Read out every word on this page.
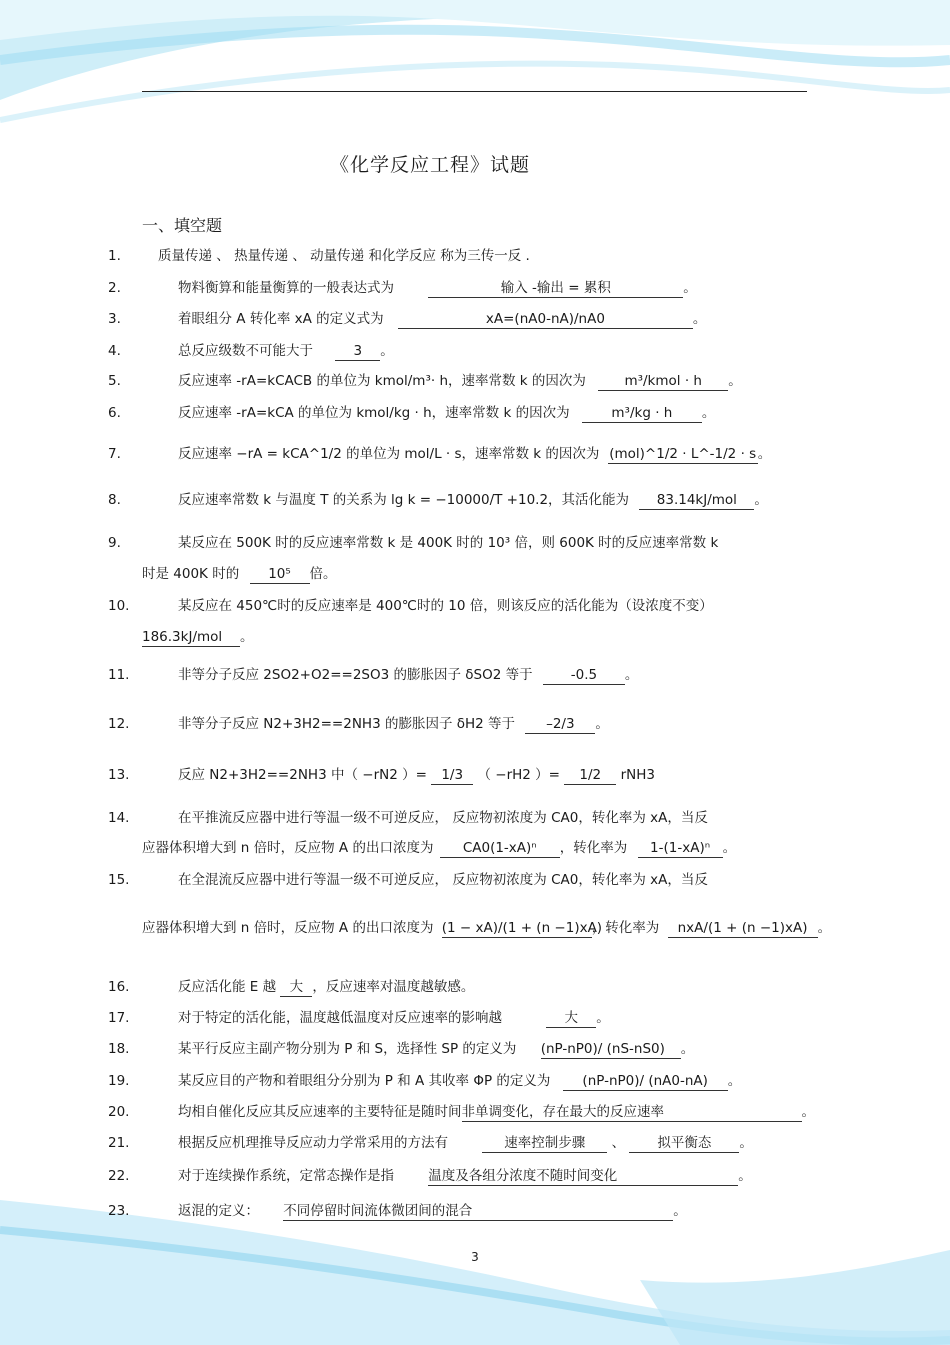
《化学反应工程》试题
一、填空题
1.	质量传递 、 热量传递 、 动量传递 和化学反应 称为三传一反 .
2.	物料衡算和能量衡算的一般表达式为	输入 -输出 = 累积	。
3.	着眼组分 A 转化率 xA 的定义式为	xA=(nA0-nA)/nA0	。
4.	总反应级数不可能大于	3 。
5.	反应速率 -rA=kCACB 的单位为 kmol/m³· h，速率常数 k 的因次为	m³/kmol · h 。
6.	反应速率 -rA=kCA 的单位为 kmol/kg · h，速率常数 k 的因次为	m³/kg · h 。
7.	反应速率 −rA = kCA^1/2 的单位为 mol/L · s，速率常数 k 的因次为 (mol)^1/2 · L^-1/2 · s 。
8.	反应速率常数 k 与温度 T 的关系为 lg k = −10000/T +10.2，其活化能为 83.14kJ/mol 。
9.	某反应在 500K 时的反应速率常数 k 是 400K 时的 10³ 倍，则 600K 时的反应速率常数 k
时是 400K 时的 10⁵ 倍。
10.	某反应在 450℃时的反应速率是 400℃时的 10 倍，则该反应的活化能为（设浓度不变）
186.3kJ/mol 。
11.	非等分子反应 2SO2+O2==2SO3 的膨胀因子 δSO2 等于	-0.5 。
12.	非等分子反应 N2+3H2==2NH3 的膨胀因子 δH2 等于 –2/3 。
13.	反应 N2+3H2==2NH3 中（ −rN2 ）= 1/3 （ −rH2 ）= 1/2 rNH3
14.	在平推流反应器中进行等温一级不可逆反应， 反应物初浓度为 CA0，转化率为 xA，当反
应器体积增大到 n 倍时，反应物 A 的出口浓度为 CA0(1-xA)ⁿ ，转化率为 1-(1-xA)ⁿ 。
15.	在全混流反应器中进行等温一级不可逆反应， 反应物初浓度为 CA0，转化率为 xA，当反
应器体积增大到 n 倍时，反应物 A 的出口浓度为 (1 − xA)/(1 + (n −1)xA)，转化率为 nxA/(1 + (n −1)xA) 。
16.	反应活化能 E 越 大 ，反应速率对温度越敏感。
17.	对于特定的活化能，温度越低温度对反应速率的影响越	大 。
18.	某平行反应主副产物分别为 P 和 S，选择性 SP 的定义为 (nP-nP0)/ (nS-nS0) 。
19.	某反应目的产物和着眼组分分别为 P 和 A 其收率 ΦP 的定义为 (nP-nP0)/ (nA0-nA) 。
20.	均相自催化反应其反应速率的主要特征是随时间非单调变化，存在最大的反应速率	。
21.	根据反应机理推导反应动力学常采用的方法有	速率控制步骤 、 拟平衡态 。
22.	对于连续操作系统，定常态操作是指	温度及各组分浓度不随时间变化	。
23.	返混的定义： 不同停留时间流体微团间的混合	。
3
